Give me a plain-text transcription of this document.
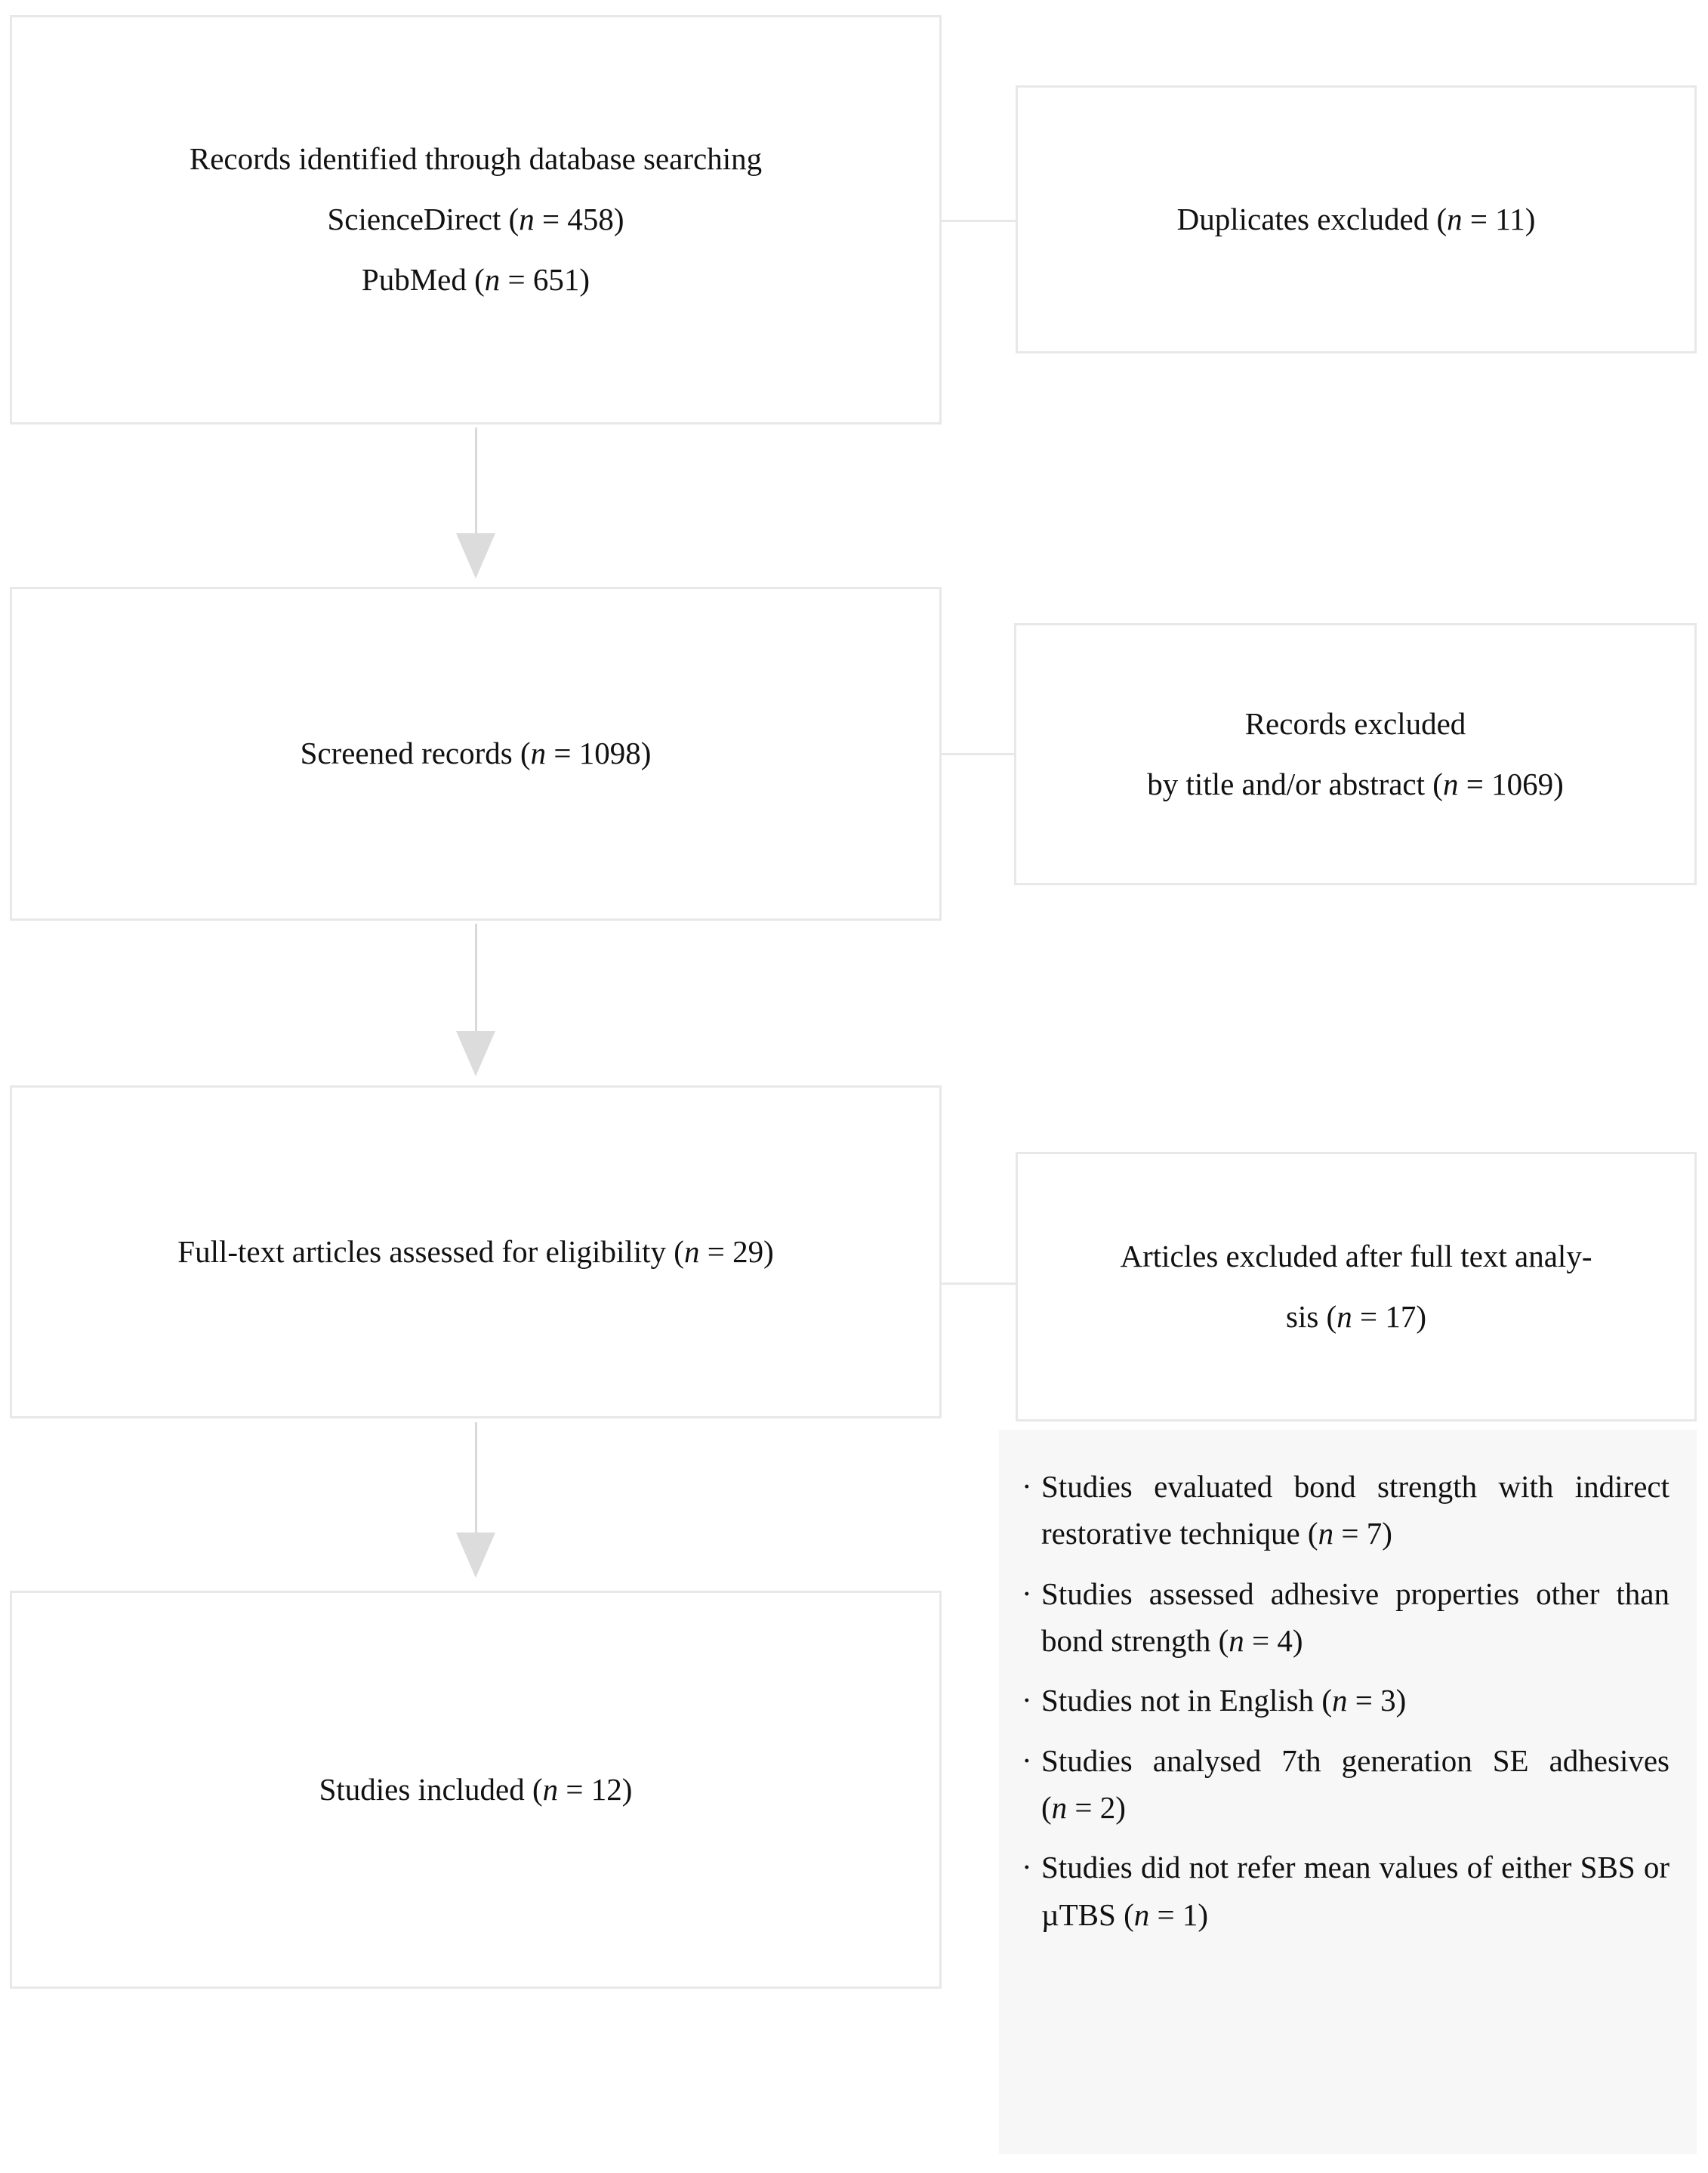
Records identified through database searching
ScienceDirect (n = 458)
PubMed (n = 651)
Duplicates excluded (n = 11)
Screened records (n = 1098)
Records excluded
by title and/or abstract (n = 1069)
Full-text articles assessed for eligibility (n = 29)	Articles excluded after full text analy-
sis (n = 17)
Studies included (n = 12)
· Studies evaluated bond strength with indirect restorative technique (n = 7)
· Studies assessed adhesive properties other than bond strength (n = 4)
· Studies not in English (n = 3)
· Studies analysed 7th generation SE adhesives (n = 2)
· Studies did not refer mean values of either SBS or µTBS (n = 1)
